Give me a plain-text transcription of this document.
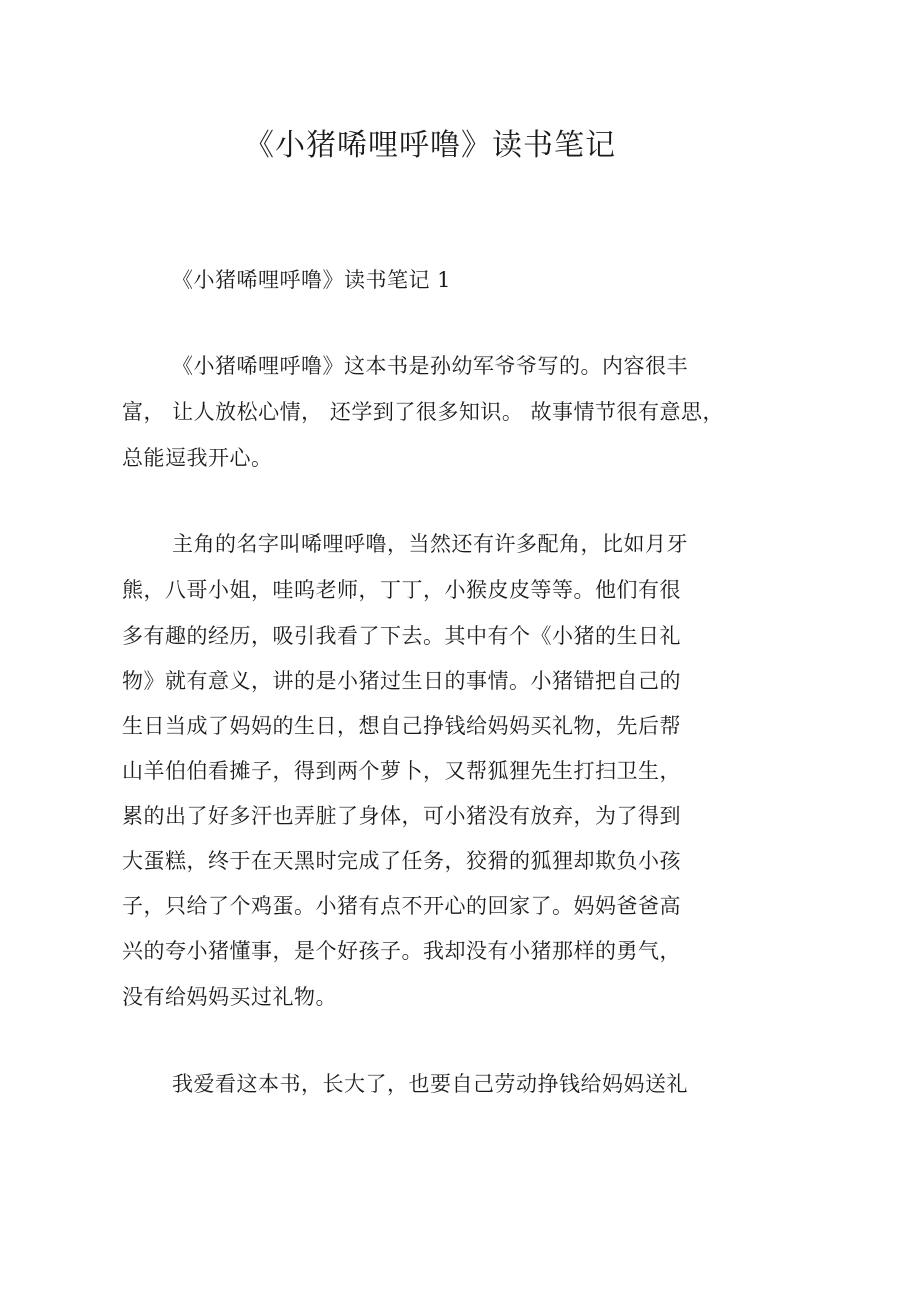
《小猪唏哩呼噜》读书笔记

《小猪唏哩呼噜》读书笔记 1

《小猪唏哩呼噜》这本书是孙幼军爷爷写的。内容很丰

富， 让人放松心情， 还学到了很多知识。 故事情节很有意思，

总能逗我开心。

主角的名字叫唏哩呼噜，当然还有许多配角，比如月牙

熊，八哥小姐，哇呜老师，丁丁，小猴皮皮等等。他们有很

多有趣的经历，吸引我看了下去。其中有个《小猪的生日礼

物》就有意义，讲的是小猪过生日的事情。小猪错把自己的

生日当成了妈妈的生日，想自己挣钱给妈妈买礼物，先后帮

山羊伯伯看摊子，得到两个萝卜，又帮狐狸先生打扫卫生，

累的出了好多汗也弄脏了身体，可小猪没有放弃，为了得到

大蛋糕，终于在天黑时完成了任务，狡猾的狐狸却欺负小孩

子，只给了个鸡蛋。小猪有点不开心的回家了。妈妈爸爸高

兴的夸小猪懂事，是个好孩子。我却没有小猪那样的勇气，

没有给妈妈买过礼物。

我爱看这本书，长大了，也要自己劳动挣钱给妈妈送礼
